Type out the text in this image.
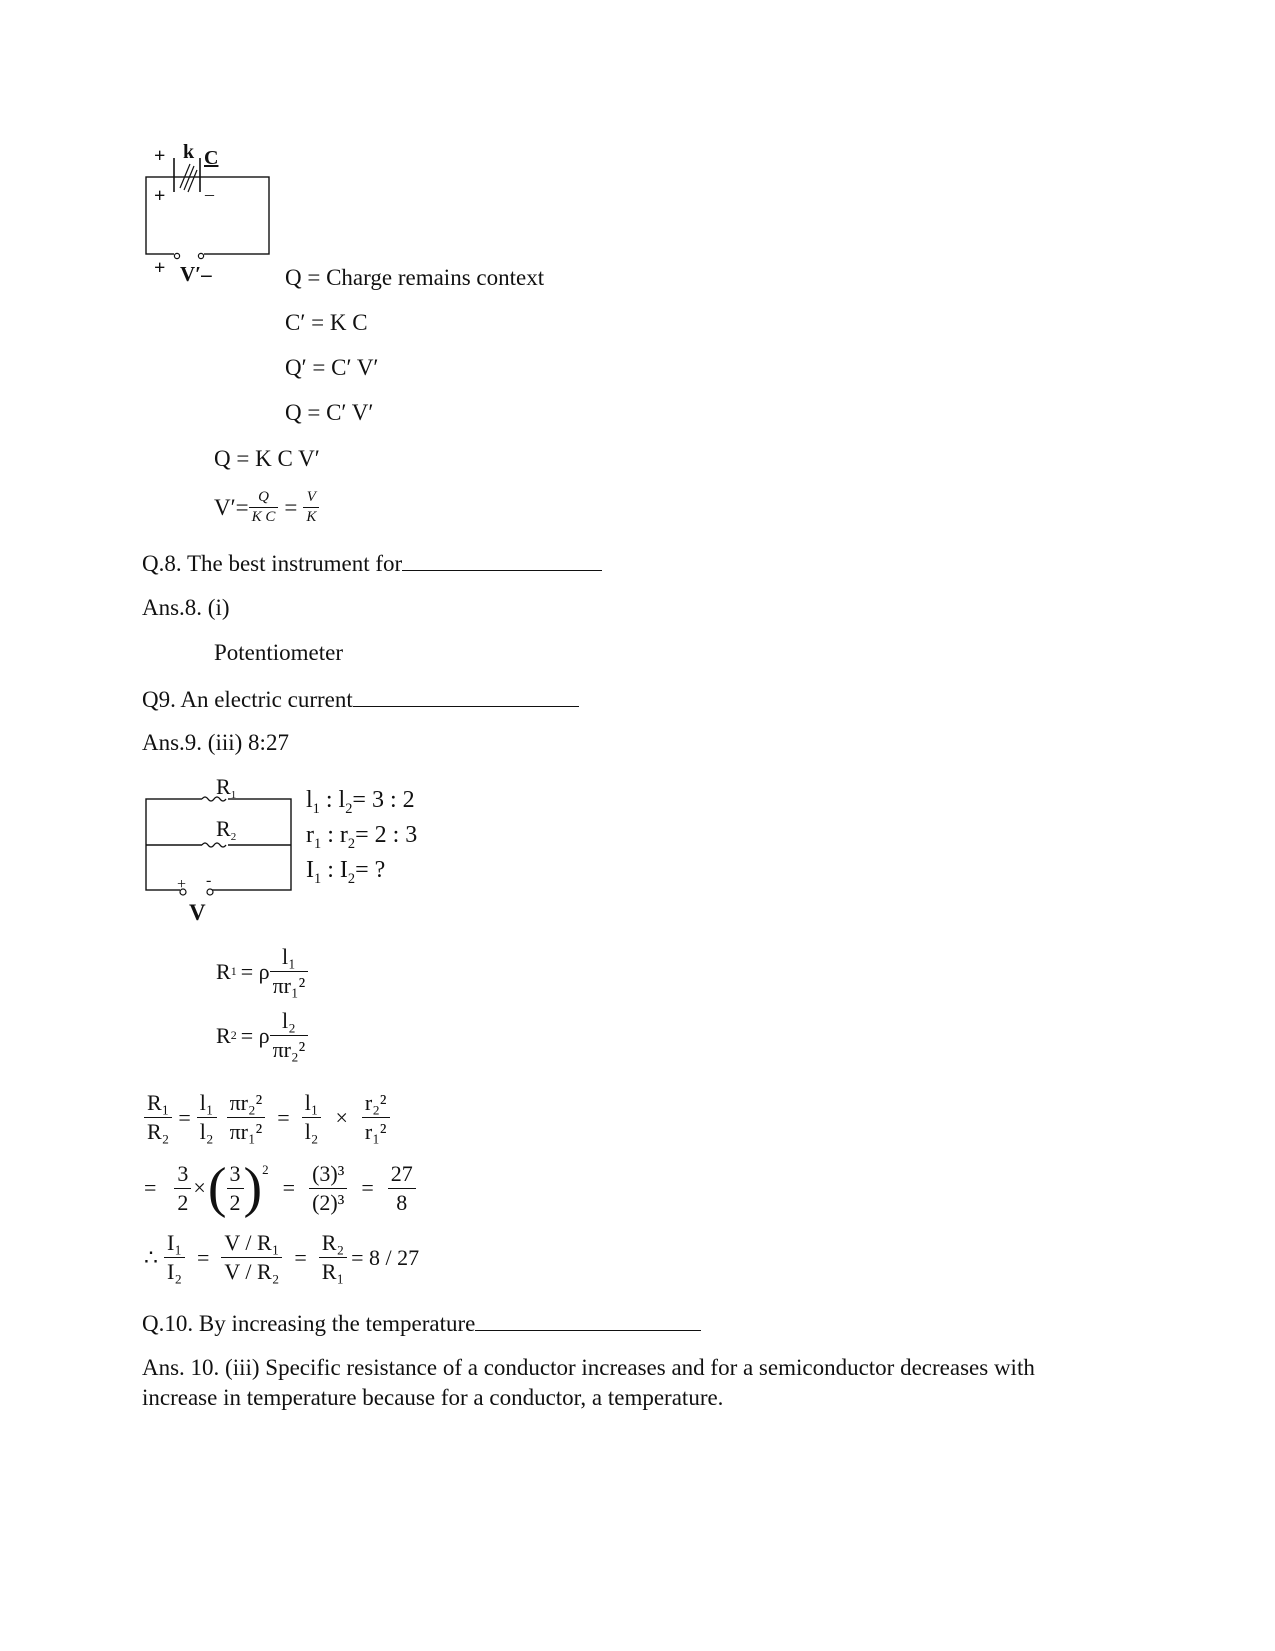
+ k C
+ –
+ V′–	Q = Charge remains context
C′ = K C
Q′ = C′ V′
Q = C′ V′
Q = K C V′
$V'= \frac{Q}{\text{K C}} = \frac{V}{K}$
Q.8. The best instrument for
Ans.8. (i)
Potentiometer
Q9. An electric current
Ans.9. (iii) 8:27
R1
R2
+ -
V
$l_1$ : $l_2= 3$ : 2
$r_1$ : $r_2= 2$ : 3
$I_1$ : $I_2=$ ?
R 1 = ρ $\frac{\text{l₁}}{\text{πr₁²}}$
R 2 = ρ $\frac{\text{l₂}}{\text{πr₂²}}$
$\frac{\text{R₁}}{\text{R₂}} = \frac{\text{l₁}}{\text{l₂}} \frac{\text{πr₂²}}{\text{πr₁²}} = \frac{\text{l₁}}{\text{l₂}} \times \frac{\text{r₂²}}{\text{r₁²}}$
= $\frac{3}{2}$ × ( $\frac{3}{2} )^2$
= $\frac{\text{(3)³}}{\text{(2)³}} = \frac{27}{8}$
∴ $\frac{\text{I₁}}{\text{I₂}} = \frac{\text{V / R₁}}{\text{V / R₂}} = \frac{\text{R₂}}{\text{R₁}} = 8 / 27$
Q.10. By increasing the temperature
Ans. 10. (iii) Specific resistance of a conductor increases and for a semiconductor decreases with
increase in temperature because for a conductor, a temperature.
